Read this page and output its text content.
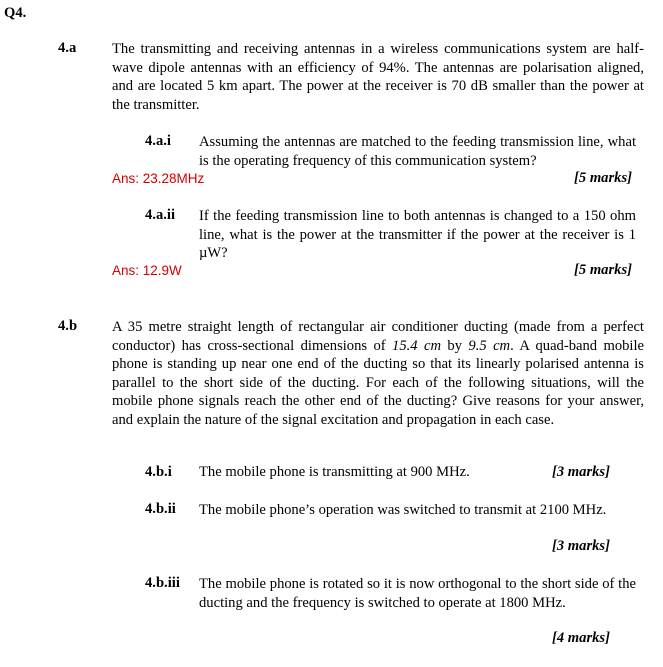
Q4.
4.a The transmitting and receiving antennas in a wireless communications system are half-wave dipole antennas with an efficiency of 94%. The antennas are polarisation aligned, and are located 5 km apart. The power at the receiver is 70 dB smaller than the power at the transmitter.
4.a.i Assuming the antennas are matched to the feeding transmission line, what is the operating frequency of this communication system?
Ans: 23.28MHz	[5 marks]
4.a.ii If the feeding transmission line to both antennas is changed to a 150 ohm line, what is the power at the transmitter if the power at the receiver is 1 µW?
Ans: 12.9W	[5 marks]
4.b A 35 metre straight length of rectangular air conditioner ducting (made from a perfect conductor) has cross-sectional dimensions of 15.4 cm by 9.5 cm. A quad-band mobile phone is standing up near one end of the ducting so that its linearly polarised antenna is parallel to the short side of the ducting. For each of the following situations, will the mobile phone signals reach the other end of the ducting? Give reasons for your answer, and explain the nature of the signal excitation and propagation in each case.
4.b.i The mobile phone is transmitting at 900 MHz.	[3 marks]
4.b.ii The mobile phone’s operation was switched to transmit at 2100 MHz.
[3 marks]
4.b.iii The mobile phone is rotated so it is now orthogonal to the short side of the ducting and the frequency is switched to operate at 1800 MHz.
[4 marks]
